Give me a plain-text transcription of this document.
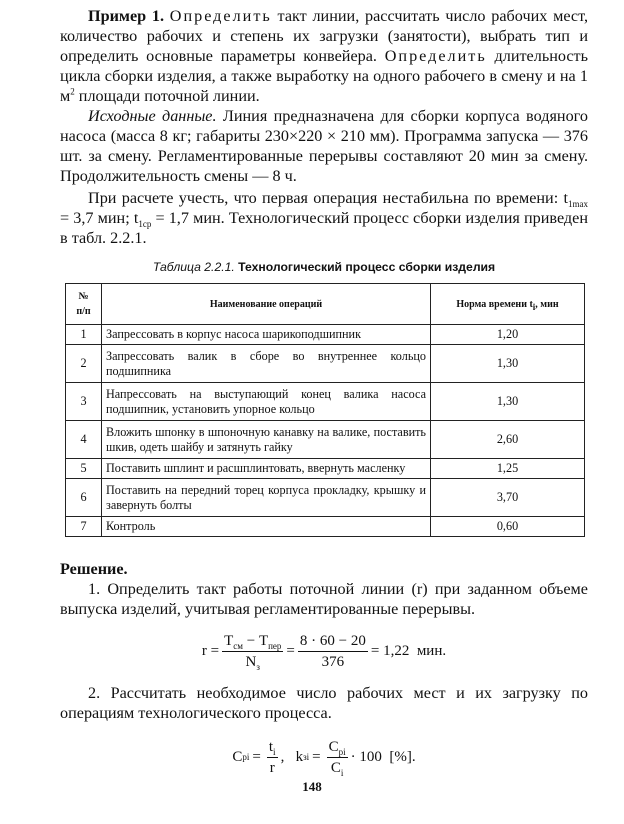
Пример 1. Определить такт линии, рассчитать число рабочих мест, количество рабочих и степень их загрузки (занятости), выбрать тип и определить основные параметры конвейера. Определить длительность цикла сборки изделия, а также выработку на одного рабочего в смену и на 1 $м^2$ площади поточной линии.

Исходные данные. Линия предназначена для сборки корпуса водяного насоса (масса 8 кг; габариты 230×220 × 210 мм). Программа запуска — 376 шт. за смену. Регламентированные перерывы составляют 20 мин за смену. Продолжительность смены — 8 ч.

При расчете учесть, что первая операция нестабильна по времени: $t_{1max} = 3,7$ мин; $t_{1ср} = 1,7$ мин. Технологический процесс сборки изделия приведен в табл. 2.2.1.

Таблица 2.2.1. Технологический процесс сборки изделия
№
п/п	Наименование операций	Норма времени $t_i$, мин
1	Запрессовать в корпус насоса шарикоподшипник	1,20
2	Запрессовать валик в сборе во внутреннее кольцо подшипника	1,30
3	Напрессовать на выступающий конец валика насоса подшипник, установить упорное кольцо	1,30
4	Вложить шпонку в шпоночную канавку на валике, поставить шкив, одеть шайбу и затянуть гайку	2,60
5	Поставить шплинт и расшплинтовать, ввернуть масленку	1,25
6	Поставить на передний торец корпуса прокладку, крышку и завернуть болты	3,70
7	Контроль	0,60
Решение.

1. Определить такт работы поточной линии (r) при заданном объеме выпуска изделий, учитывая регламентированные перерывы.

$r = \frac{T_{см} - T_{пер}}{N_з} = \frac{8 \cdot 60 - 20}{376} = 1,22$  мин.

2. Рассчитать необходимое число рабочих мест и их загрузку по операциям технологического процесса.

C pi = $\frac{t_i}{r}$ ,   k зi = $\frac{C_{pi}}{C_i} \cdot 100$  [%].
148
